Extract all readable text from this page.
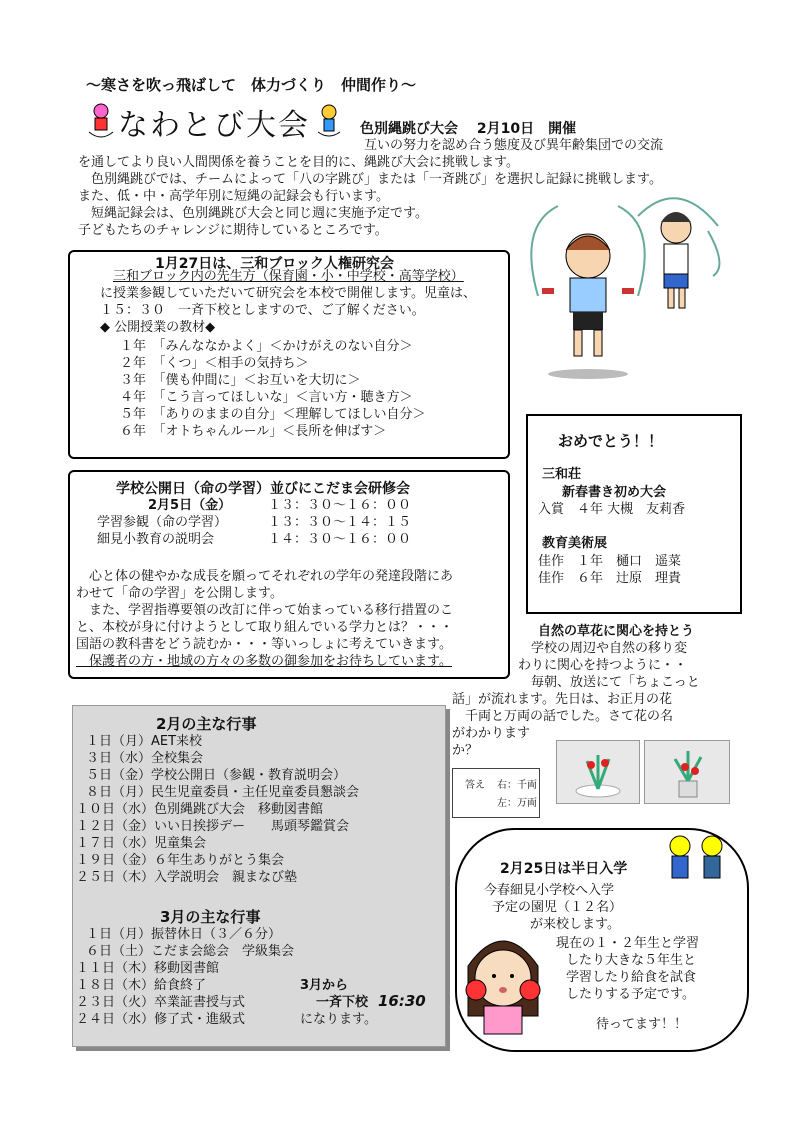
～寒さを吹っ飛ばして　体力づくり　仲間作り～
なわとび大会	色別縄跳び大会　 2月10日　開催
　　　　　　　　　　　　　　　　　　　　　　互いの努力を認め合う態度及び異年齢集団での交流
を通してより良い人間関係を養うことを目的に、縄跳び大会に挑戦します。
　色別縄跳びでは、チームによって「八の字跳び」または「一斉跳び」を選択し記録に挑戦します。
また、低・中・高学年別に短縄の記録会も行います。
　短縄記録会は、色別縄跳び大会と同じ週に実施予定です。
子どもたちのチャレンジに期待しているところです。
1月27日は、三和ブロック人権研究会
三和ブロック内の先生方（保育園・小・中学校・高等学校）
に授業参観していただいて研究会を本校で開催します。児童は、
１５：３０　一斉下校としますので、ご了解ください。
◆ 公開授業の教材◆
１年　「みんななかよく」＜かけがえのない自分＞
２年　「くつ」＜相手の気持ち＞
３年　「僕も仲間に」＜お互いを大切に＞
４年　「こう言ってほしいな」＜言い方・聴き方＞
５年　「ありのままの自分」＜理解してほしい自分＞
６年　「オトちゃんルール」＜長所を伸ばす＞
学校公開日（命の学習）並びにこだま会研修会
2月5日（金）	１３：３０～１６：００
学習参観（命の学習）	１３：３０～１４：１５
細見小教育の説明会	１４：３０～１６：００
　心と体の健やかな成長を願ってそれぞれの学年の発達段階にあ
わせて「命の学習」を公開します。
　また、学習指導要領の改訂に伴って始まっている移行措置のこ
と、本校が身に付けようとして取り組んでいる学力とは？・・・
国語の教科書をどう読むか・・・等いっしょに考えていきます。
　保護者の方・地域の方々の多数の御参加をお待ちしています。
おめでとう！！
三和荘
新春書き初め大会
入賞　４年 大槻　友莉香
教育美術展
佳作　１年　樋口　遥菜
佳作　６年　辻原　理貴
自然の草花に関心を持とう
　学校の周辺や自然の移り変
わりに関心を持つように・・
　毎朝、放送にて「ちょこっと
話」が流れます。先日は、お正月の花
　千両と万両の話でした。さて花の名
がわかります
か？
答え 右：千両
左：万両
2月の主な行事
１日（月）AET来校
３日（水）全校集会
５日（金）学校公開日（参観・教育説明会）
８日（月）民生児童委員・主任児童委員懇談会
１０日（水）色別縄跳び大会　移動図書館
１２日（金）いい日挨拶デー　　馬頭琴鑑賞会
１７日（水）児童集会
１９日（金）６年生ありがとう集会
２５日（木）入学説明会　親まなび塾
3月の主な行事
１日（月）振替休日（３／６分）
６日（土）こだま会総会　学級集会
１１日（木）移動図書館
１８日（木）給食終了
２３日（火）卒業証書授与式
２４日（水）修了式・進級式
3月から
一斉下校 16:30
になります。
2月25日は半日入学
今春細見小学校へ入学
予定の園児（１２名）
が来校します。
現在の１・２年生と学習
したり大きな５年生と
学習したり給食を試食
したりする予定です。
待ってます！！
